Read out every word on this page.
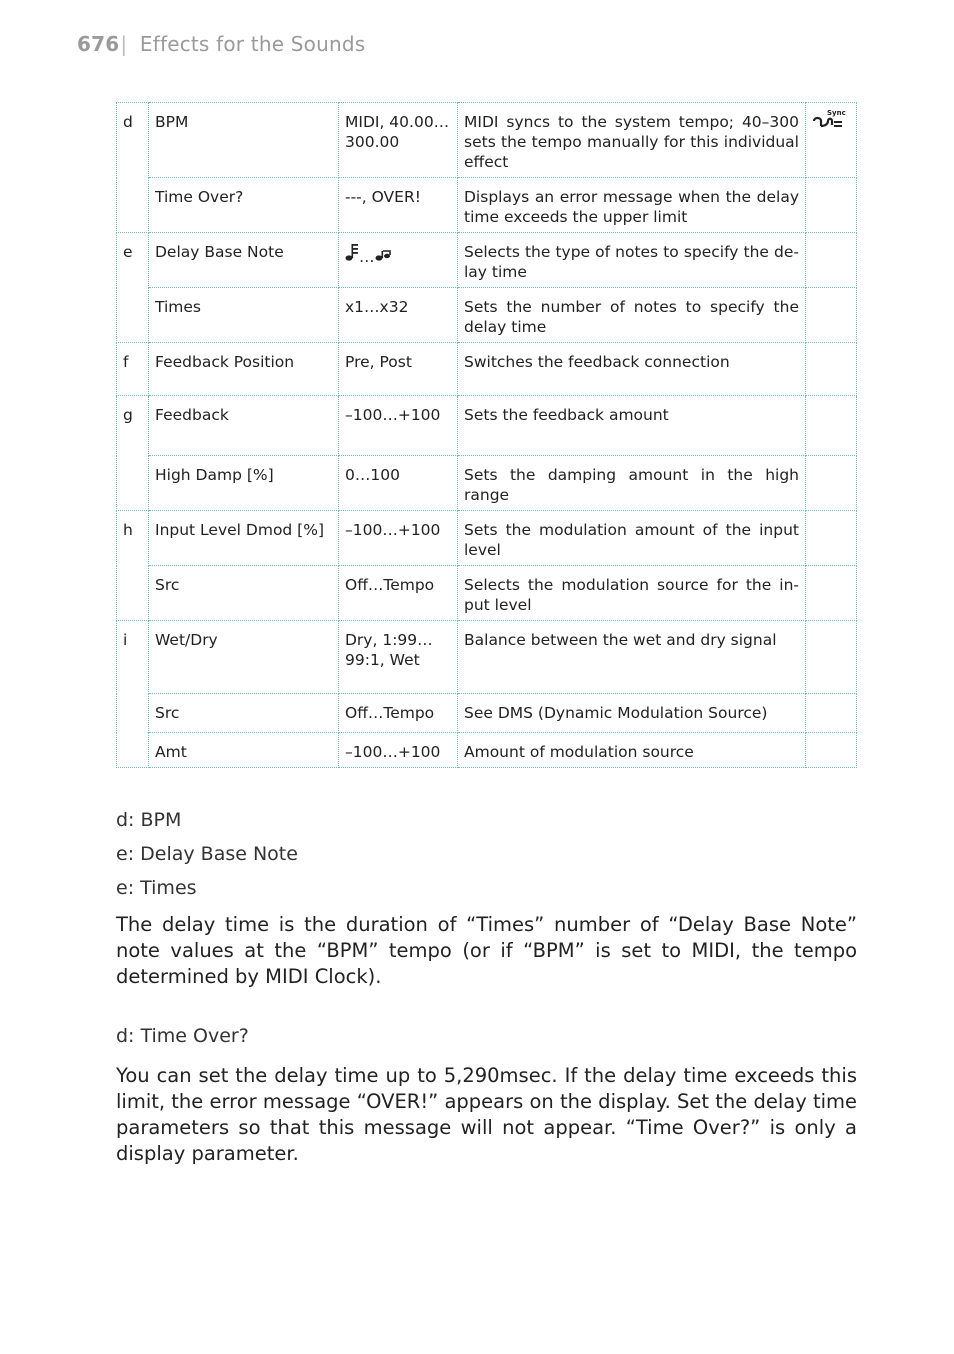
676| Effects for the Sounds
d	BPM	MIDI, 40.00…300.00	MIDI syncs to the system tempo; 40–300 sets the tempo manually for this individual effect	Sync

	Time Over?	---, OVER!	Displays an error message when the delay time exceeds the upper limit	
e	Delay Base Note	…	Selects the type of notes to specify the de-lay time	
	Times	x1…x32	Sets the number of notes to specify the delay time	
f	Feedback Position	Pre, Post	Switches the feedback connection	
g	Feedback	–100…+100	Sets the feedback amount	
	High Damp [%]	0…100	Sets the damping amount in the high range	
h	Input Level Dmod [%]	–100…+100	Sets the modulation amount of the input level	
	Src	Off…Tempo	Selects the modulation source for the in-put level	
i	Wet/Dry	Dry, 1:99…99:1, Wet	Balance between the wet and dry signal	
	Src	Off…Tempo	See DMS (Dynamic Modulation Source)	
	Amt	–100…+100	Amount of modulation source	

d: BPM

e: Delay Base Note

e: Times

The delay time is the duration of “Times” number of “Delay Base Note” note values at the “BPM” tempo (or if “BPM” is set to MIDI, the tempo determined by MIDI Clock).

d: Time Over?

You can set the delay time up to 5,290msec. If the delay time exceeds this limit, the error message “OVER!” appears on the display. Set the delay time parameters so that this message will not appear. “Time Over?” is only a display parameter.
